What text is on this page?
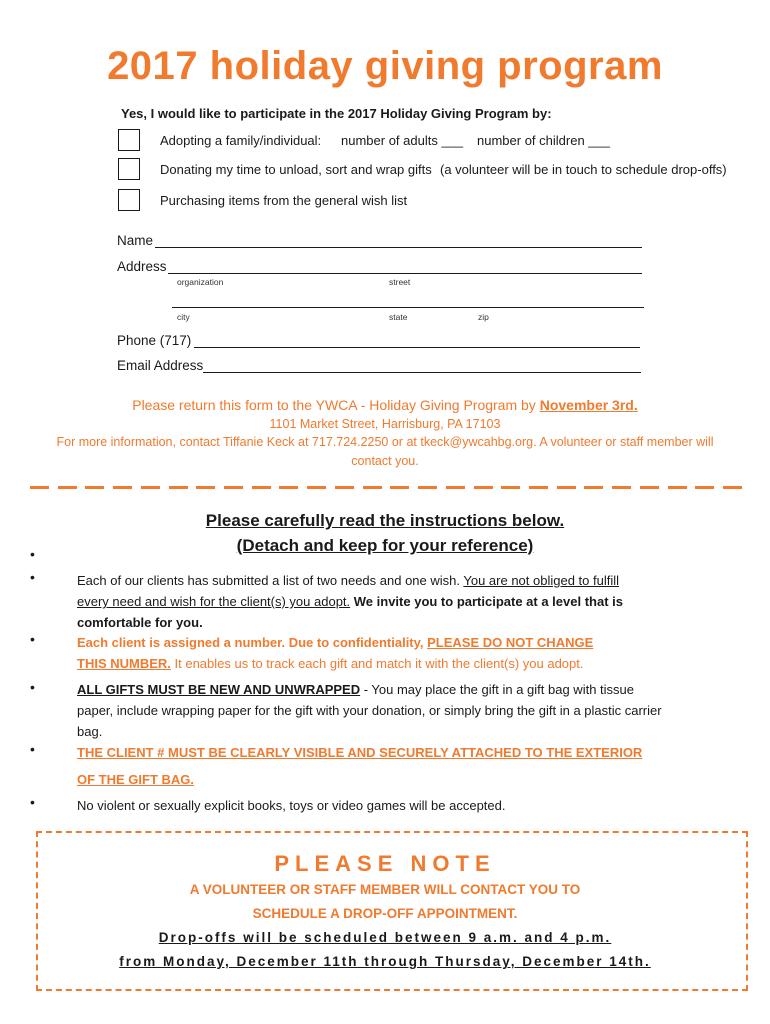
2017 holiday giving program
Yes, I would like to participate in the 2017 Holiday Giving Program by:
Adopting a family/individual: number of adults ___ number of children ___
Donating my time to unload, sort and wrap gifts (a volunteer will be in touch to schedule drop-offs)
Purchasing items from the general wish list
Name
Address
organization	street
city	state	zip
Phone (717)
Email Address
Please return this form to the YWCA - Holiday Giving Program by November 3rd.
1101 Market Street, Harrisburg, PA 17103
For more information, contact Tiffanie Keck at 717.724.2250 or at tkeck@ywcahbg.org. A volunteer or staff member will
contact you.
Please carefully read the instructions below.
(Detach and keep for your reference)
•
•
•
•
•
•
Each of our clients has submitted a list of two needs and one wish. You are not obliged to fulfill
every need and wish for the client(s) you adopt. We invite you to participate at a level that is
comfortable for you.
Each client is assigned a number. Due to confidentiality, PLEASE DO NOT CHANGE
THIS NUMBER. It enables us to track each gift and match it with the client(s) you adopt.
ALL GIFTS MUST BE NEW AND UNWRAPPED - You may place the gift in a gift bag with tissue
paper, include wrapping paper for the gift with your donation, or simply bring the gift in a plastic carrier
bag.
THE CLIENT # MUST BE CLEARLY VISIBLE AND SECURELY ATTACHED TO THE EXTERIOR
OF THE GIFT BAG.
No violent or sexually explicit books, toys or video games will be accepted.
PLEASE NOTE
A VOLUNTEER OR STAFF MEMBER WILL CONTACT YOU TO
SCHEDULE A DROP-OFF APPOINTMENT.
Drop-offs will be scheduled between 9 a.m. and 4 p.m.
from Monday, December 11th through Thursday, December 14th.
